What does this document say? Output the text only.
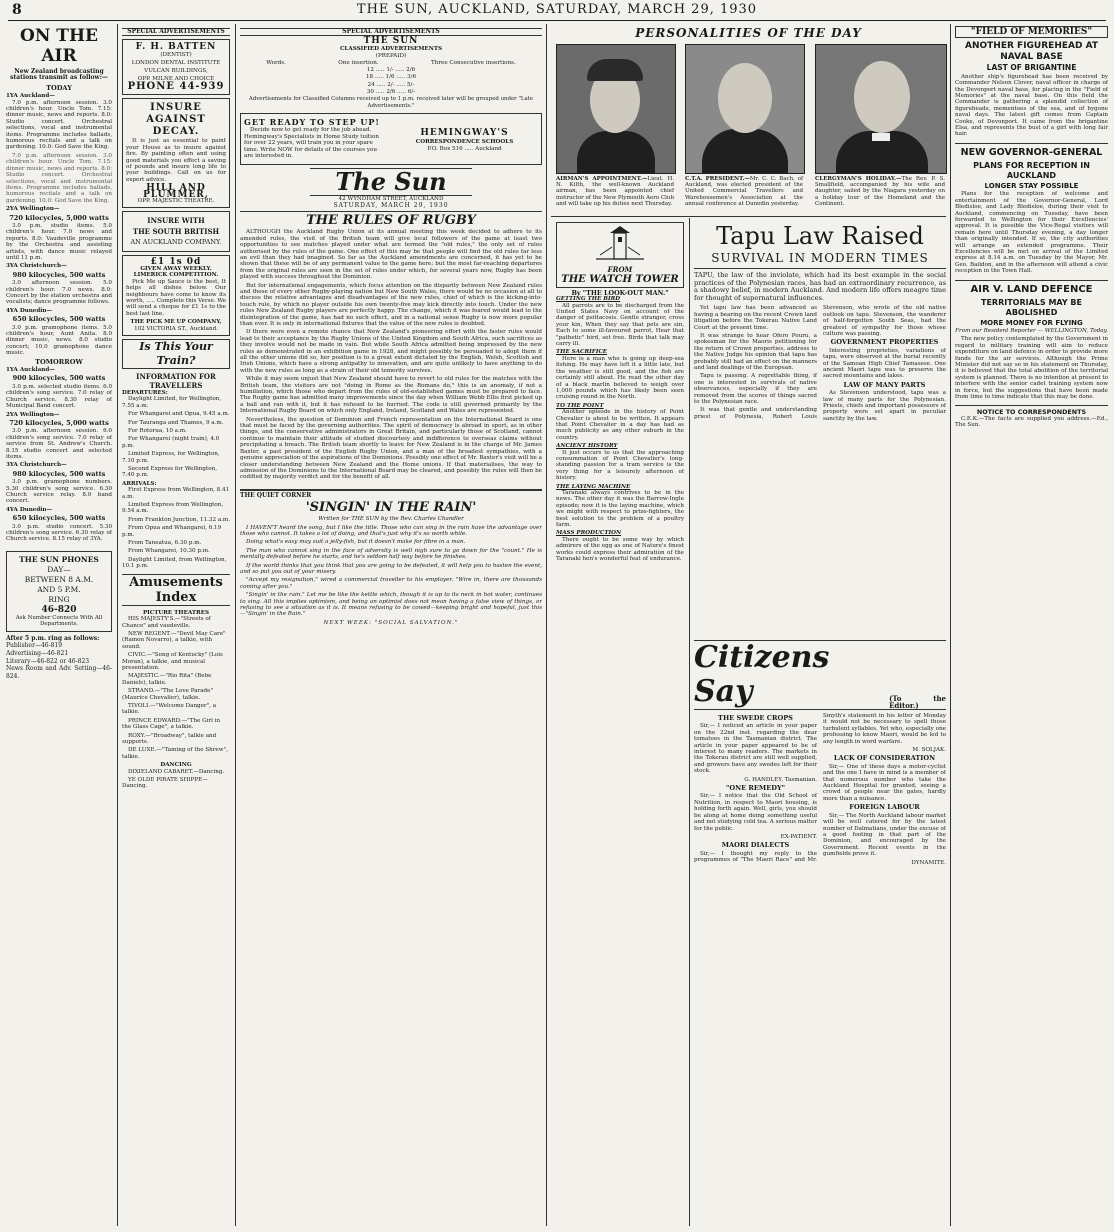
8	THE SUN, AUCKLAND, SATURDAY, MARCH 29, 1930
ON THE AIR
New Zealand broadcasting stations transmit as follow:—
TODAY
1YA Auckland—
7.0 p.m. afternoon session. 3.0 children's hour. Uncle Tom. 7.15: dinner music, news and reports. 8.0: Studio concert. Orchestral selections, vocal and instrumental items. Programme includes ballads, humorous recitals and a talk on gardening. 10.0: God Save the King.
7.0 p.m. afternoon session. 3.0 children's hour. Uncle Tom. 7.15: dinner music, news and reports. 8.0: Studio concert. Orchestral selections, vocal and instrumental items. Programme includes ballads, humorous recitals and a talk on gardening. 10.0: God Save the King.
2YA Wellington—
720 kilocycles, 5,000 watts
3.0 p.m. studio items. 5.0 children's hour. 7.0 news and reports. 8.0: Vaudeville programme by the Orchestra and assisting artists, with dance music relayed until 11 p.m.
3YA Christchurch—
980 kilocycles, 500 watts
3.0 afternoon session. 5.0 children's hour. 7.0 news. 8.0: Concert by the station orchestra and vocalists; dance programme follows.
4YA Dunedin—
650 kilocycles, 500 watts
3.0 p.m. gramophone items. 5.0 children's hour, Aunt Anita. 8.0 dinner music, news. 8.0 studio concert; 10.0 gramophone dance music.
TOMORROW
1YA Auckland—
900 kilocycles, 500 watts
3.0 p.m. selected studio items. 6.0 children's song service. 7.0 relay of Church service. 8.30 relay of Municipal Band concert.
2YA Wellington—
720 kilocycles, 5,000 watts
3.0 p.m. afternoon session. 6.0 children's song service. 7.0 relay of service from St. Andrew's Church. 8.15 studio concert and selected items.
3YA Christchurch—
980 kilocycles, 500 watts
3.0 p.m. gramophone numbers. 5.30 children's song service. 6.30 Church service relay. 8.0 band concert.
4YA Dunedin—
650 kilocycles, 500 watts
3.0 p.m. studio concert. 5.30 children's song service. 6.30 relay of Church service. 8.15 relay of 3YA.
THE SUN PHONES
DAY—
BETWEEN 8 A.M.
AND 5 P.M.
RING
46-820
Ask Number Connects With All Departments.
After 5 p.m. ring as follows:
Publisher—46-819
Advertising—46-821
Literary—46-822 or 46-823
News Room and Adv. Setting—46-824.
SPECIAL ADVERTISEMENTS
F. H. BATTEN
(DENTIST)
LONDON DENTAL INSTITUTE
VULCAN BUILDINGS,
OPP. MILNE AND CHOICE
PHONE 44-939
INSURE AGAINST DECAY.
It is just as essential to paint your House as to insure against fire. By painting often and using good materials you effect a saving of pounds and insure long life to your buildings. Call on us for expert advice.
HILL AND PLUMMER,
OPP. MAJESTIC THEATRE.
INSURE WITH
THE SOUTH BRITISH
AN AUCKLAND COMPANY.
£1 1s 0d
GIVEN AWAY WEEKLY. LIMERICK COMPETITION.
Pick Me up Sauce is the best, It helps all dishes below. Our neighbours have come to know its worth, ..... Complete this Verse. We will send a cheque for £1 1s to the best last line.
THE PICK ME UP COMPANY,
102 VICTORIA ST., Auckland.
Is This Your Train?
INFORMATION FOR TRAVELLERS
DEPARTURES:
Daylight Limited, for Wellington, 7.55 a.m.
For Whangarei and Opua, 9.45 a.m.
For Tauranga and Thames, 9 a.m.
For Rotorua, 10 a.m.
For Whangarei (night train), 4.0 p.m.
Limited Express, for Wellington, 7.10 p.m.
Second Express for Wellington, 7.40 p.m.
ARRIVALS:
First Express from Wellington, 8.41 a.m.
Limited Express from Wellington, 9.54 a.m.
From Frankton Junction, 11.32 a.m.
From Opua and Whangarei, 6.19 p.m.
From Taneatua, 6.30 p.m.
From Whangarei, 10.30 p.m.
Daylight Limited, from Wellington, 10.1 p.m.
Amusements Index
PICTURE THEATRES
HIS MAJESTY'S.—"Streets of Chance" and vaudeville.
NEW REGENT.—"Devil May Care" (Ramon Novarro), a talkie, with sound.
CIVIC.—"Song of Kentucky" (Lois Moran), a talkie, and musical presentation.
MAJESTIC.—"Rio Rita" (Bebe Daniels), talkie.
STRAND.—"The Love Parade" (Maurice Chevalier), talkie.
TIVOLI.—"Welcome Danger", a talkie.
PRINCE EDWARD.—"The Girl in the Glass Cage", a talkie.
ROXY.—"Broadway", talkie and supports.
DE LUXE.—"Taming of the Shrew", talkie.
DANCING
DIXIELAND CABARET.—Dancing.
YE OLDE PIRATE SHIPPE—Dancing.
SPECIAL ADVERTISEMENTS
THE SUN
CLASSIFIED ADVERTISEMENTS
(PREPAID)
Words.	One insertion.	Three Consecutive insertions.
12 ..... 1/- ..... 2/6
18 ..... 1/6 ..... 3/6
24 ..... 2/- ..... 5/-
30 ..... 2/6 ..... 6/-
Advertisements for Classified Columns received up to 1 p.m. received later will be grouped under "Late Advertisements."
GET READY TO STEP UP!
Decide now to get ready for the job ahead. Hemingway's Specialists in Home Study tuition for over 22 years, will train you in your spare time. Write NOW for details of the courses you are interested in.
HEMINGWAY'S
CORRESPONDENCE SCHOOLS
P.O. Box 516 ..... Auckland
The Sun
42 WYNDHAM STREET, AUCKLAND
SATURDAY, MARCH 29, 1930
THE RULES OF RUGBY
ALTHOUGH the Auckland Rugby Union at its annual meeting this week decided to adhere to its amended rules, the visit of the British team will give local followers of the game at least two opportunities to see matches played under what are termed the "old rules," the only set of rules authorised by the rules of the game. One effect of this may be that people will find the old rules far less an evil than they had imagined. So far as the Auckland amendments are concerned, it has yet to be shown that these will be of any permanent value to the game here; but the most far-reaching departures from the original rules are seen in the set of rules under which, for several years now, Rugby has been played with success throughout the Dominion.
But for international engagements, which focus attention on the disparity between New Zealand rules and those of every other Rugby-playing nation but New South Wales, there would be no occasion at all to discuss the relative advantages and disadvantages of the new rules, chief of which is the kicking-into-touch rule, by which no player outside his own twenty-five may kick directly into touch. Under the new rules New Zealand Rugby players are perfectly happy. The change, which it was feared would lead to the disintegration of the game, has had no such effect, and in a national sense Rugby is now more popular than ever. It is only in international fixtures that the value of the new rules is doubted.
If there were even a remote chance that New Zealand's pioneering effort with the faster rules would lead to their acceptance by the Rugby Unions of the United Kingdom and South Africa, such sacrifices as they involve would not be made in vain. But while South Africa admitted being impressed by the new rules as demonstrated in an exhibition game in 1928, and might possibly be persuaded to adopt them if all the other unions did so, her position is to a great extent dictated by the English, Welsh, Scottish and Irish Unions, which have a strong antipathy to innovation, and are quite unlikely to have anything to do with the new rules as long as a strain of their old temerity survives.
While it may seem unjust that New Zealand should have to revert to old rules for the matches with the British team, the visitors are not "doing in Rome as the Romans do," this is an anomaly, if not a humiliation, which those who depart from the rules of old-established games must be prepared to face. The Rugby game has admitted many improvements since the day when William Webb Ellis first picked up a ball and ran with it, but it has refused to be hurried. The code is still governed primarily by the International Rugby Board on which only England, Ireland, Scotland and Wales are represented.
Nevertheless, the question of Dominion and French representation on the International Board is one that must be faced by the governing authorities. The spirit of democracy is abroad in sport, as in other things, and the conservative administrators in Great Britain, and particularly those of Scotland, cannot continue to maintain their attitude of studied discourtesy and indifference to overseas claims without precipitating a breach. The British team shortly to leave for New Zealand is in the charge of Mr. James Baxter, a past president of the English Rugby Union, and a man of the broadest sympathies, with a genuine appreciation of the aspirations of the Dominions. Possibly one effect of Mr. Baxter's visit will be a closer understanding between New Zealand and the Home unions. If that materialises, the way to admission of the Dominions to the International Board may be cleared, and possibly the rules will then be codified by majority verdict and for the benefit of all.
THE QUIET CORNER
'SINGIN' IN THE RAIN'
Written for THE SUN by the Rev. Charles Chandler
I HAVEN'T heard the song, but I like the title. Those who can sing in the rain have the advantage over those who cannot. It takes a lot of doing, and that's just why it's so worth while.
Doing what's easy may suit a jelly-fish, but it doesn't make for fibre in a man.
The man who cannot sing in the face of adversity is well nigh sure to go down for the "count." He is mentally defeated before he starts, and he's seldom half way before he finishes.
If the world thinks that you think that you are going to be defeated, it will help you to hasten the event, and so put you out of your misery.
"Accept my resignation," wired a commercial traveller to his employer. "Wire in, there are thousands coming after you."
"Singin' in the rain." Let me be like the kettle which, though it is up to its neck in hot water, continues to sing. All this implies optimism, and being an optimist does not mean having a false view of things, or refusing to see a situation as it is. It means refusing to be cowed—keeping bright and hopeful, just this—"Singin' in the Rain."
NEXT WEEK: "SOCIAL SALVATION."
PERSONALITIES OF THE DAY
AIRMAN'S APPOINTMENT.—Lieut. H. N. Kilth, the well-known Auckland airman, has been appointed chief instructor of the New Plymouth Aero Club and will take up his duties next Thursday.
C.T.A. PRESIDENT.—Mr. C. C. Bach, of Auckland, was elected president of the United Commercial Travellers and Warehousemen's Association at the annual conference at Dunedin yesterday.
CLERGYMAN'S HOLIDAY.—The Rev. P. S. Smallfield, accompanied by his wife and daughter, sailed by the Niagara yesterday on a holiday tour of the Homeland and the Continent.
FROM
THE WATCH TOWER
By "THE LOOK-OUT MAN."
GETTING THE BIRD
All parrots are to be discharged from the United States Navy on account of the danger of psittacosis. Gentle stranger, cross your kin, When they say that pets are sin, Each to some ill-favoured parrot, Hear that "pathetic" bird, set free. Birds that talk may carry ill.
THE SACRIFICE
Here is a man who is going up deep-sea fishing. He may have left it a little late, but the weather is still good, and the fish are certainly still about. He read the other day of a black marlin believed to weigh over 1,000 pounds which has likely been seen cruising round in the North.
TO THE POINT
Another episode in the history of Point Chevalier is about to be written. It appears that Point Chevalier in a day has had as much publicity as any other suburb in the country.
ANCIENT HISTORY
It just occurs to us that the approaching consummation of Point Chevalier's long-standing passion for a tram service is the very thing for a leisurely afternoon of history.
THE LAYING MACHINE
Taranaki always contrives to be in the news. The other day it was the Barrow-Ingle episode; now it is the laying machine, which we might with respect to prize-fighters, the best solution to the problem of a poultry farm.
MASS PRODUCTION
There ought to be some way by which admirers of the egg as one of Nature's finest works could express their admiration of the Taranaki hen's wonderful feat of endurance.
Tapu Law Raised
SURVIVAL IN MODERN TIMES
TAPU, the law of the inviolate, which had its best example in the social practices of the Polynesian races, has had an extraordinary recurrence, as a shadowy belief, in modern Auckland. And modern life offers meagre time for thought of supernatural influences.
Yet tapu law has been advanced as having a bearing on the recent Crown land litigation before the Tokerau Native Land Court at the present time.
It was strange to hear Ofero Pouru, a spokesman for the Maoris petitioning for the return of Crown properties, address to the Native Judge his opinion that tapu has probably still had an effect on the manners and land dealings of the European.
Tapu is passing. A regrettable thing, if one is interested in survivals of native observances, especially if they are removed from the scores of things sacred to the Polynesian race.
It was that gentle and understanding priest of Polynesia, Robert Louis Stevenson, who wrote of the old native outlook on tapu. Stevenson, the wanderer of half-forgotten South Seas, had the greatest of sympathy for those whose culture was passing.
GOVERNMENT PROPERTIES
Interesting proprieties, variations of tapu, were observed at the burial recently of the Samoan High Chief Tamasese. One ancient Maori tapu was to preserve the sacred mountains and lakes.
LAW OF MANY PARTS
As Stevenson understood, tapu was a law of many parts for the Polynesian. Priests, chiefs and important possessors of property were set apart in peculiar sanctity by the law.
Citizens Say	(To the Editor.)
THE SWEDE CROPS
Sir,— I noticed an article in your paper on the 22nd inst. regarding the dear tomatoes in the Tasmanian district. The article in your paper appeared to be of interest to many readers. The markets in the Tokerau district are still well supplied, and growers have any swedes left for their stock.
G. HANDLEY, Tasmanian.
"ONE REMEDY"
Sir,— I notice that the Old School of Nutrition, in respect to Maori housing, is holding forth again. Well, girls, you should be along at home doing something useful and not studying cold tea. A serious matter for the public.
EX-PATIENT.
MAORI DIALECTS
Sir,— I thought my reply to the programmes of "The Maori Race" and Mr. Smyth's statement in his letter of Monday it would not be necessary to spell those turbulent syllables. Yet who, especially one professing to know Maori, would be led to any length in word warfare.
M. SOLJAK.
LACK OF CONSIDERATION
Sir,— One of these days a motor-cyclist and the one I have in mind is a member of that numerous number who take the Auckland Hospital for granted, seeing a crowd of people near the gates, hardly more than a nuisance.
FOREIGN LABOUR
Sir,— The North Auckland labour market will be well catered for by the latest number of Dalmatians, under the excuse of a good footing in that part of the Dominion, and encouraged by the Government. Recent events in the gumfields prove it.
DYNAMITE.
"FIELD OF MEMORIES"
ANOTHER FIGUREHEAD AT NAVAL BASE
LAST OF BRIGANTINE
Another ship's figurehead has been received by Commander Nelson Clover, naval officer in charge of the Devonport naval base, for placing in the "Field of Memories" at the naval base. On this field the Commander is gathering a splendid collection of figureheads, mementoes of the sea, and of bygone naval days. The latest gift comes from Captain Cooke, of Devonport. It came from the brigantine Elsa, and represents the bust of a girl with long fair hair.
NEW GOVERNOR-GENERAL
PLANS FOR RECEPTION IN AUCKLAND
LONGER STAY POSSIBLE
Plans for the reception of welcome and entertainment of the Governor-General, Lord Bledisloe, and Lady Bledisloe, during their visit to Auckland, commencing on Tuesday, have been forwarded to Wellington for their Excellencies' approval. It is possible the Vice-Regal visitors will remain here until Thursday evening, a day longer than originally intended. If so, the city authorities will arrange an extended programme. Their Excellencies will be met on arrival of the Limited express at 8.14 a.m. on Tuesday by the Mayor, Mr. Geo. Baildon, and in the afternoon will attend a civic reception in the Town Hall.
AIR V. LAND DEFENCE
TERRITORIALS MAY BE ABOLISHED
MORE MONEY FOR FLYING
From our Resident Reporter — WELLINGTON, Today.
The new policy contemplated by the Government in regard to military training will aim to reduce expenditure on land defence in order to provide more funds for the air services. Although the Prime Minister did not say so in his statement on Thursday, it is believed that the total abolition of the territorial system is planned. There is no intention at present to interfere with the senior cadet training system now in force, but the suggestions that have been made from time to time indicate that this may be done.
NOTICE TO CORRESPONDENTS
C.E.K.—The facts are supplied you address.—Ed., The Sun.
